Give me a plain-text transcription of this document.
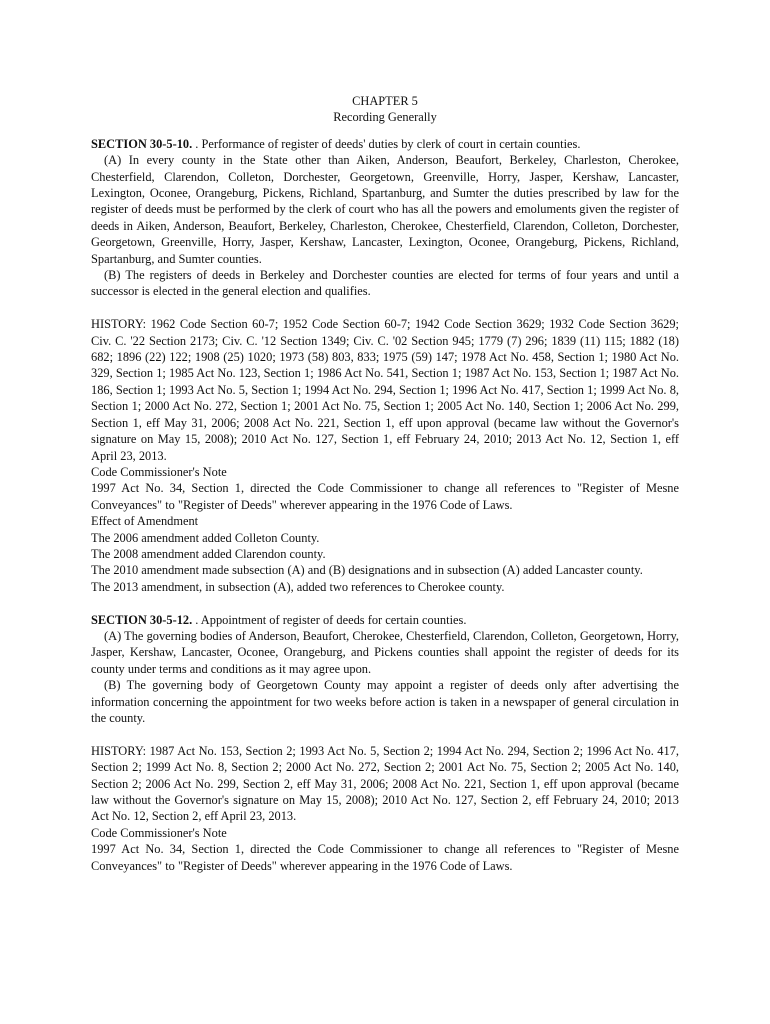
CHAPTER 5
Recording Generally

SECTION 30-5-10. . Performance of register of deeds' duties by clerk of court in certain counties.

(A) In every county in the State other than Aiken, Anderson, Beaufort, Berkeley, Charleston, Cherokee, Chesterfield, Clarendon, Colleton, Dorchester, Georgetown, Greenville, Horry, Jasper, Kershaw, Lancaster, Lexington, Oconee, Orangeburg, Pickens, Richland, Spartanburg, and Sumter the duties prescribed by law for the register of deeds must be performed by the clerk of court who has all the powers and emoluments given the register of deeds in Aiken, Anderson, Beaufort, Berkeley, Charleston, Cherokee, Chesterfield, Clarendon, Colleton, Dorchester, Georgetown, Greenville, Horry, Jasper, Kershaw, Lancaster, Lexington, Oconee, Orangeburg, Pickens, Richland, Spartanburg, and Sumter counties.

(B) The registers of deeds in Berkeley and Dorchester counties are elected for terms of four years and until a successor is elected in the general election and qualifies.

HISTORY: 1962 Code Section 60-7; 1952 Code Section 60-7; 1942 Code Section 3629; 1932 Code Section 3629; Civ. C. '22 Section 2173; Civ. C. '12 Section 1349; Civ. C. '02 Section 945; 1779 (7) 296; 1839 (11) 115; 1882 (18) 682; 1896 (22) 122; 1908 (25) 1020; 1973 (58) 803, 833; 1975 (59) 147; 1978 Act No. 458, Section 1; 1980 Act No. 329, Section 1; 1985 Act No. 123, Section 1; 1986 Act No. 541, Section 1; 1987 Act No. 153, Section 1; 1987 Act No. 186, Section 1; 1993 Act No. 5, Section 1; 1994 Act No. 294, Section 1; 1996 Act No. 417, Section 1; 1999 Act No. 8, Section 1; 2000 Act No. 272, Section 1; 2001 Act No. 75, Section 1; 2005 Act No. 140, Section 1; 2006 Act No. 299, Section 1, eff May 31, 2006; 2008 Act No. 221, Section 1, eff upon approval (became law without the Governor's signature on May 15, 2008); 2010 Act No. 127, Section 1, eff February 24, 2010; 2013 Act No. 12, Section 1, eff April 23, 2013.

Code Commissioner's Note

1997 Act No. 34, Section 1, directed the Code Commissioner to change all references to "Register of Mesne Conveyances" to "Register of Deeds" wherever appearing in the 1976 Code of Laws.

Effect of Amendment

The 2006 amendment added Colleton County.

The 2008 amendment added Clarendon county.

The 2010 amendment made subsection (A) and (B) designations and in subsection (A) added Lancaster county.

The 2013 amendment, in subsection (A), added two references to Cherokee county.

SECTION 30-5-12. . Appointment of register of deeds for certain counties.

(A) The governing bodies of Anderson, Beaufort, Cherokee, Chesterfield, Clarendon, Colleton, Georgetown, Horry, Jasper, Kershaw, Lancaster, Oconee, Orangeburg, and Pickens counties shall appoint the register of deeds for its county under terms and conditions as it may agree upon.

(B) The governing body of Georgetown County may appoint a register of deeds only after advertising the information concerning the appointment for two weeks before action is taken in a newspaper of general circulation in the county.

HISTORY: 1987 Act No. 153, Section 2; 1993 Act No. 5, Section 2; 1994 Act No. 294, Section 2; 1996 Act No. 417, Section 2; 1999 Act No. 8, Section 2; 2000 Act No. 272, Section 2; 2001 Act No. 75, Section 2; 2005 Act No. 140, Section 2; 2006 Act No. 299, Section 2, eff May 31, 2006; 2008 Act No. 221, Section 1, eff upon approval (became law without the Governor's signature on May 15, 2008); 2010 Act No. 127, Section 2, eff February 24, 2010; 2013 Act No. 12, Section 2, eff April 23, 2013.

Code Commissioner's Note

1997 Act No. 34, Section 1, directed the Code Commissioner to change all references to "Register of Mesne Conveyances" to "Register of Deeds" wherever appearing in the 1976 Code of Laws.
